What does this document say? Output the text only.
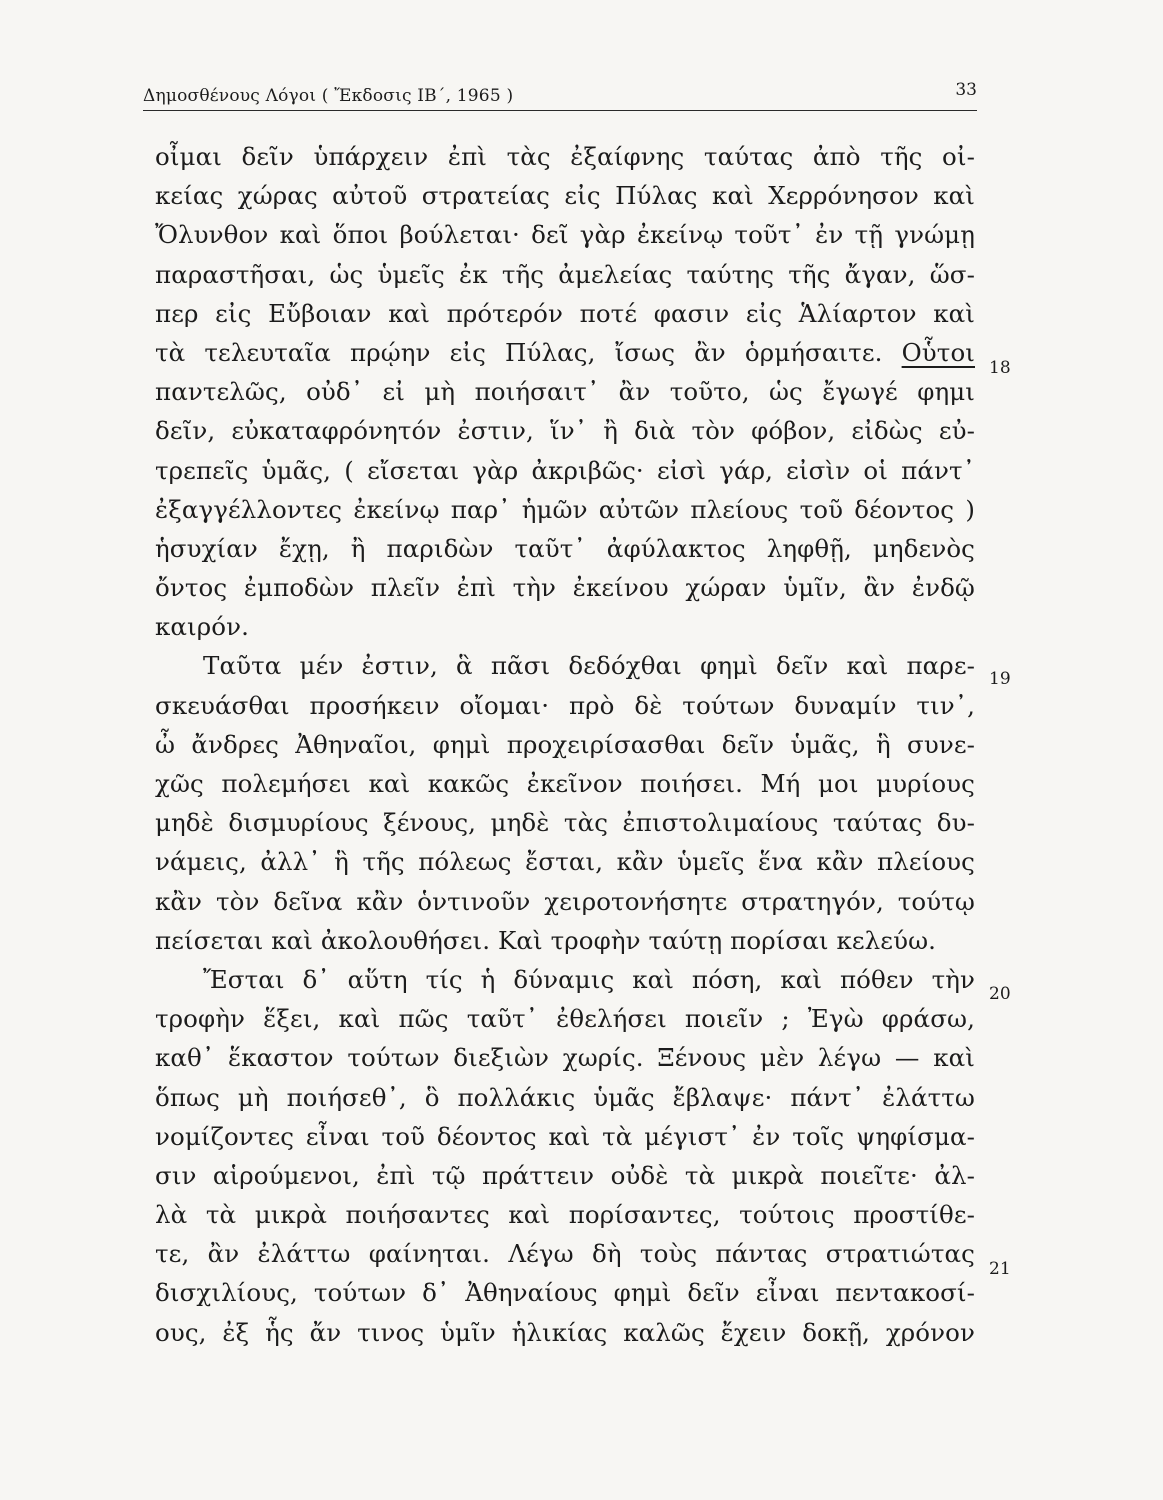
Δημοσθένους Λόγοι ( Ἔκδοσις ΙΒ΄, 1965 )	33
οἶμαι δεῖν ὑπάρχειν ἐπὶ τὰς ἐξαίφνης ταύτας ἀπὸ τῆς οἰ-
κείας χώρας αὐτοῦ στρατείας εἰς Πύλας καὶ Χερρόνησον καὶ
Ὄλυνθον καὶ ὅποι βούλεται· δεῖ γὰρ ἐκείνῳ τοῦτ᾽ ἐν τῇ γνώμῃ
παραστῆσαι, ὡς ὑμεῖς ἐκ τῆς ἀμελείας ταύτης τῆς ἄγαν, ὥσ-
περ εἰς Εὔβοιαν καὶ πρότερόν ποτέ φασιν εἰς Ἁλίαρτον καὶ
τὰ τελευταῖα πρῴην εἰς Πύλας, ἴσως ἂν ὁρμήσαιτε. Οὗτοι
παντελῶς, οὐδ᾽ εἰ μὴ ποιήσαιτ᾽ ἂν τοῦτο, ὡς ἔγωγέ φημι
δεῖν, εὐκαταφρόνητόν ἐστιν, ἵν᾽ ἢ διὰ τὸν φόβον, εἰδὼς εὐ-
τρεπεῖς ὑμᾶς, ( εἴσεται γὰρ ἀκριβῶς· εἰσὶ γάρ, εἰσὶν οἱ πάντ᾽
ἐξαγγέλλοντες ἐκείνῳ παρ᾽ ἡμῶν αὐτῶν πλείους τοῦ δέοντος )
ἡσυχίαν ἔχῃ, ἢ παριδὼν ταῦτ᾽ ἀφύλακτος ληφθῇ, μηδενὸς
ὄντος ἐμποδὼν πλεῖν ἐπὶ τὴν ἐκείνου χώραν ὑμῖν, ἂν ἐνδῷ
καιρόν.
Ταῦτα μέν ἐστιν, ἃ πᾶσι δεδόχθαι φημὶ δεῖν καὶ παρε-
σκευάσθαι προσήκειν οἴομαι· πρὸ δὲ τούτων δυναμίν τιν᾽,
ὦ ἄνδρες Ἀθηναῖοι, φημὶ προχειρίσασθαι δεῖν ὑμᾶς, ἣ συνε-
χῶς πολεμήσει καὶ κακῶς ἐκεῖνον ποιήσει. Μή μοι μυρίους
μηδὲ δισμυρίους ξένους, μηδὲ τὰς ἐπιστολιμαίους ταύτας δυ-
νάμεις, ἀλλ᾽ ἣ τῆς πόλεως ἔσται, κἂν ὑμεῖς ἕνα κἂν πλείους
κἂν τὸν δεῖνα κἂν ὁντινοῦν χειροτονήσητε στρατηγόν, τούτῳ
πείσεται καὶ ἀκολουθήσει. Καὶ τροφὴν ταύτῃ πορίσαι κελεύω.
Ἔσται δ᾽ αὕτη τίς ἡ δύναμις καὶ πόση, καὶ πόθεν τὴν
τροφὴν ἕξει, καὶ πῶς ταῦτ᾽ ἐθελήσει ποιεῖν ; Ἐγὼ φράσω,
καθ᾽ ἕκαστον τούτων διεξιὼν χωρίς. Ξένους μὲν λέγω — καὶ
ὅπως μὴ ποιήσεθ᾽, ὃ πολλάκις ὑμᾶς ἔβλαψε· πάντ᾽ ἐλάττω
νομίζοντες εἶναι τοῦ δέοντος καὶ τὰ μέγιστ᾽ ἐν τοῖς ψηφίσμα-
σιν αἱρούμενοι, ἐπὶ τῷ πράττειν οὐδὲ τὰ μικρὰ ποιεῖτε· ἀλ-
λὰ τὰ μικρὰ ποιήσαντες καὶ πορίσαντες, τούτοις προστίθε-
τε, ἂν ἐλάττω φαίνηται. Λέγω δὴ τοὺς πάντας στρατιώτας
δισχιλίους, τούτων δ᾽ Ἀθηναίους φημὶ δεῖν εἶναι πεντακοσί-
ους, ἐξ ἧς ἄν τινος ὑμῖν ἡλικίας καλῶς ἔχειν δοκῇ, χρόνον
18
19
20
21
